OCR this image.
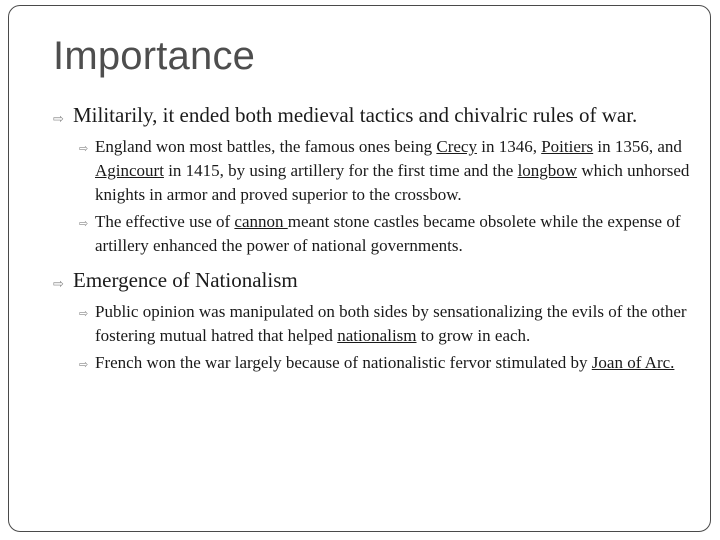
Importance
⇨ Militarily, it ended both medieval tactics and chivalric rules of war.
⇨ England won most battles, the famous ones being Crecy in 1346, Poitiers in 1356, and Agincourt in 1415, by using artillery for the first time and the longbow which unhorsed knights in armor and proved superior to the crossbow.
⇨ The effective use of cannon meant stone castles became obsolete while the expense of artillery enhanced the power of national governments.
⇨ Emergence of Nationalism
⇨ Public opinion was manipulated on both sides by sensationalizing the evils of the other fostering mutual hatred that helped nationalism to grow in each.
⇨ French won the war largely because of nationalistic fervor stimulated by Joan of Arc.
